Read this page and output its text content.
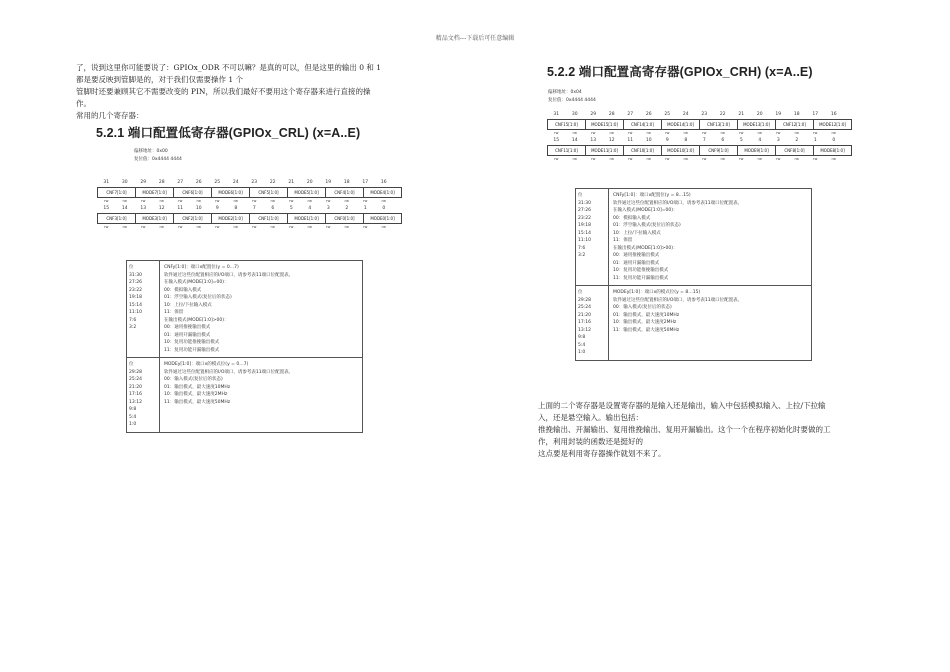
精品文档---下载后可任意编辑

了，说到这里你可能要说了：GPIOx_ODR 不可以嘛？是真的可以，但是这里的输出 0 和 1

都是要反映到管脚是的，对于我们仅需要操作 1 个

管脚时还要兼顾其它不需要改变的 PIN，所以我们最好不要用这个寄存器来进行直接的操

作。

常用的几个寄存器：

5.2.1 端口配置低寄存器(GPIOx_CRL) (x=A..E)
偏移地址：0x00
复位值：0x4444 4444
31	30	29	28	27	26	25	24	23	22	21	20	19	18	17	16
CNF7[1:0]	MODE7[1:0]	CNF6[1:0]	MODE6[1:0]	CNF5[1:0]	MODE5[1:0]	CNF4[1:0]	MODE4[1:0]
rw	rw	rw	rw	rw	rw	rw	rw	rw	rw	rw	rw	rw	rw	rw	rw
15	14	13	12	11	10	9	8	7	6	5	4	3	2	1	0
CNF3[1:0]	MODE3[1:0]	CNF2[1:0]	MODE2[1:0]	CNF1[1:0]	MODE1[1:0]	CNF0[1:0]	MODE0[1:0]
rw	rw	rw	rw	rw	rw	rw	rw	rw	rw	rw	rw	rw	rw	rw	rw
位
31:30
27:26
23:22
19:18
15:14
11:10
7:6
3:2
CNFy[1:0]：端口x配置位(y = 0…7)
软件通过这些位配置相应的I/O端口，请参考表11端口位配置表。
在输入模式(MODE[1:0]=00)：
00：模拟输入模式
01：浮空输入模式(复位后的状态)
10：上拉/下拉输入模式
11：保留
在输出模式(MODE[1:0]>00)：
00：通用推挽输出模式
01：通用开漏输出模式
10：复用功能推挽输出模式
11：复用功能开漏输出模式
位
29:28
25:24
21:20
17:16
13:12
9:8
5:4
1:0
MODEy[1:0]：端口x的模式位(y = 0…7)
软件通过这些位配置相应的I/O端口，请参考表11端口位配置表。
00：输入模式(复位后的状态)
01：输出模式，最大速度10MHz
10：输出模式，最大速度2MHz
11：输出模式，最大速度50MHz
5.2.2 端口配置高寄存器(GPIOx_CRH) (x=A..E)
偏移地址：0x04
复位值：0x4444 4444
31	30	29	28	27	26	25	24	23	22	21	20	19	18	17	16
CNF15[1:0]	MODE15[1:0]	CNF14[1:0]	MODE14[1:0]	CNF13[1:0]	MODE13[1:0]	CNF12[1:0]	MODE12[1:0]
rw	rw	rw	rw	rw	rw	rw	rw	rw	rw	rw	rw	rw	rw	rw	rw
15	14	13	12	11	10	9	8	7	6	5	4	3	2	1	0
CNF11[1:0]	MODE11[1:0]	CNF10[1:0]	MODE10[1:0]	CNF9[1:0]	MODE9[1:0]	CNF8[1:0]	MODE8[1:0]
rw	rw	rw	rw	rw	rw	rw	rw	rw	rw	rw	rw	rw	rw	rw	rw
位
31:30
27:26
23:22
19:18
15:14
11:10
7:6
3:2
CNFy[1:0]：端口x配置位(y = 8…15)
软件通过这些位配置相应的I/O端口，请参考表11端口位配置表。
在输入模式(MODE[1:0]=00)：
00：模拟输入模式
01：浮空输入模式(复位后的状态)
10：上拉/下拉输入模式
11：保留
在输出模式(MODE[1:0]>00)：
00：通用推挽输出模式
01：通用开漏输出模式
10：复用功能推挽输出模式
11：复用功能开漏输出模式
位
29:28
25:24
21:20
17:16
13:12
9:8
5:4
1:0
MODEy[1:0]：端口x的模式位(y = 8…15)
软件通过这些位配置相应的I/O端口，请参考表11端口位配置表。
00：输入模式(复位后的状态)
01：输出模式，最大速度10MHz
10：输出模式，最大速度2MHz
11：输出模式，最大速度50MHz

上面的二个寄存器是设置寄存器的是输入还是输出，输入中包括模拟输入、上拉/下拉输

入，还是悬空输入。输出包括：

推挽输出、开漏输出、复用推挽输出、复用开漏输出。这个一个在程序初始化时要做的工

作，利用封装的函数还是挺好的

这点要是利用寄存器操作就划不来了。
